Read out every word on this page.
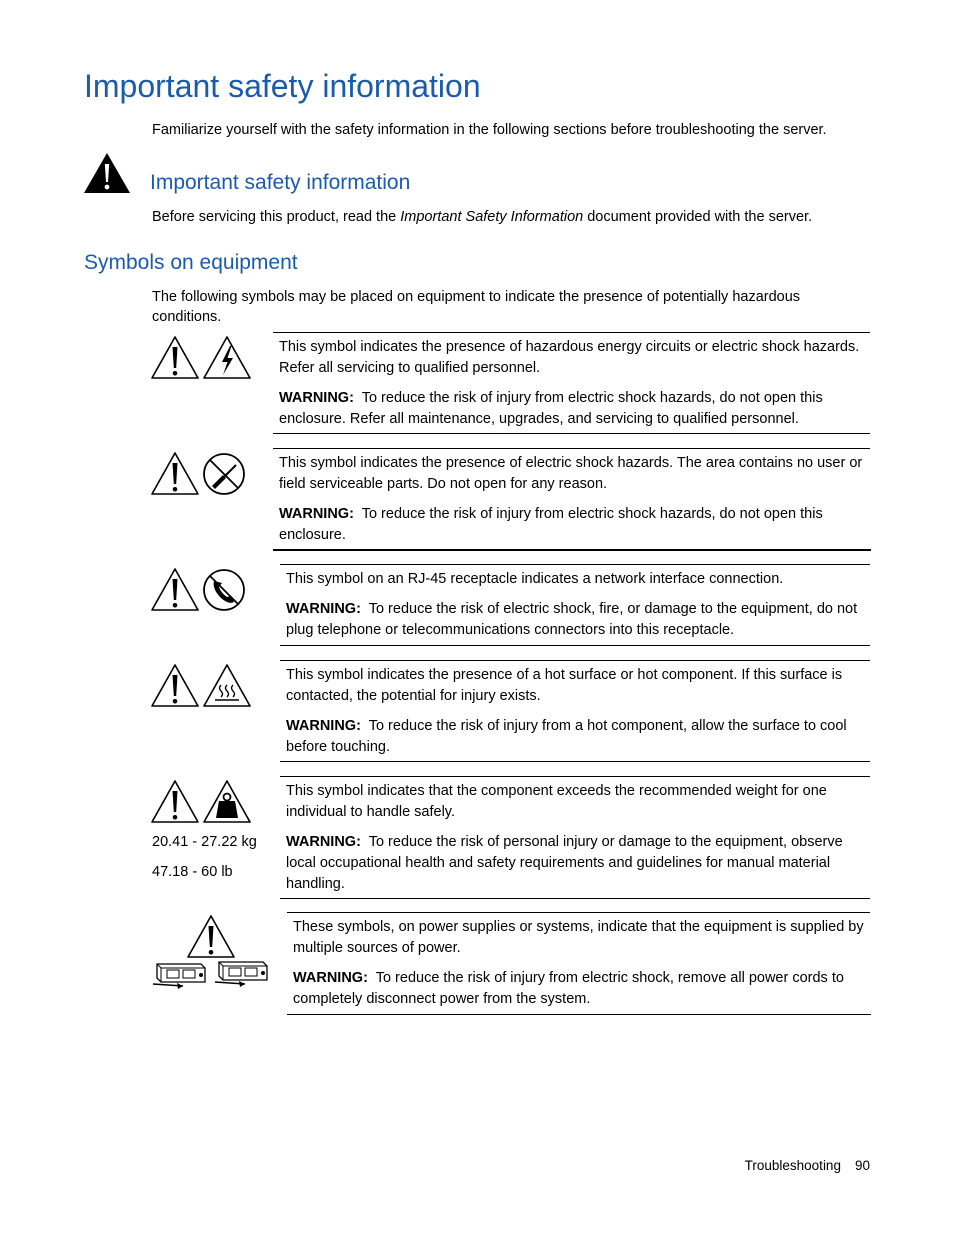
Important safety information
Familiarize yourself with the safety information in the following sections before troubleshooting the server.
Important safety information
Before servicing this product, read the Important Safety Information document provided with the server.
Symbols on equipment
The following symbols may be placed on equipment to indicate the presence of potentially hazardous conditions.

This symbol indicates the presence of hazardous energy circuits or electric shock hazards. Refer all servicing to qualified personnel.

WARNING: To reduce the risk of injury from electric shock hazards, do not open this enclosure. Refer all maintenance, upgrades, and servicing to qualified personnel.

This symbol indicates the presence of electric shock hazards. The area contains no user or field serviceable parts. Do not open for any reason.

WARNING: To reduce the risk of injury from electric shock hazards, do not open this enclosure.

This symbol on an RJ-45 receptacle indicates a network interface connection.

WARNING: To reduce the risk of electric shock, fire, or damage to the equipment, do not plug telephone or telecommunications connectors into this receptacle.

This symbol indicates the presence of a hot surface or hot component. If this surface is contacted, the potential for injury exists.

WARNING: To reduce the risk of injury from a hot component, allow the surface to cool before touching.

20.41 - 27.22 kg
47.18 - 60 lb

This symbol indicates that the component exceeds the recommended weight for one individual to handle safely.

WARNING: To reduce the risk of personal injury or damage to the equipment, observe local occupational health and safety requirements and guidelines for manual material handling.

These symbols, on power supplies or systems, indicate that the equipment is supplied by multiple sources of power.

WARNING: To reduce the risk of injury from electric shock, remove all power cords to completely disconnect power from the system.

Troubleshooting 90
